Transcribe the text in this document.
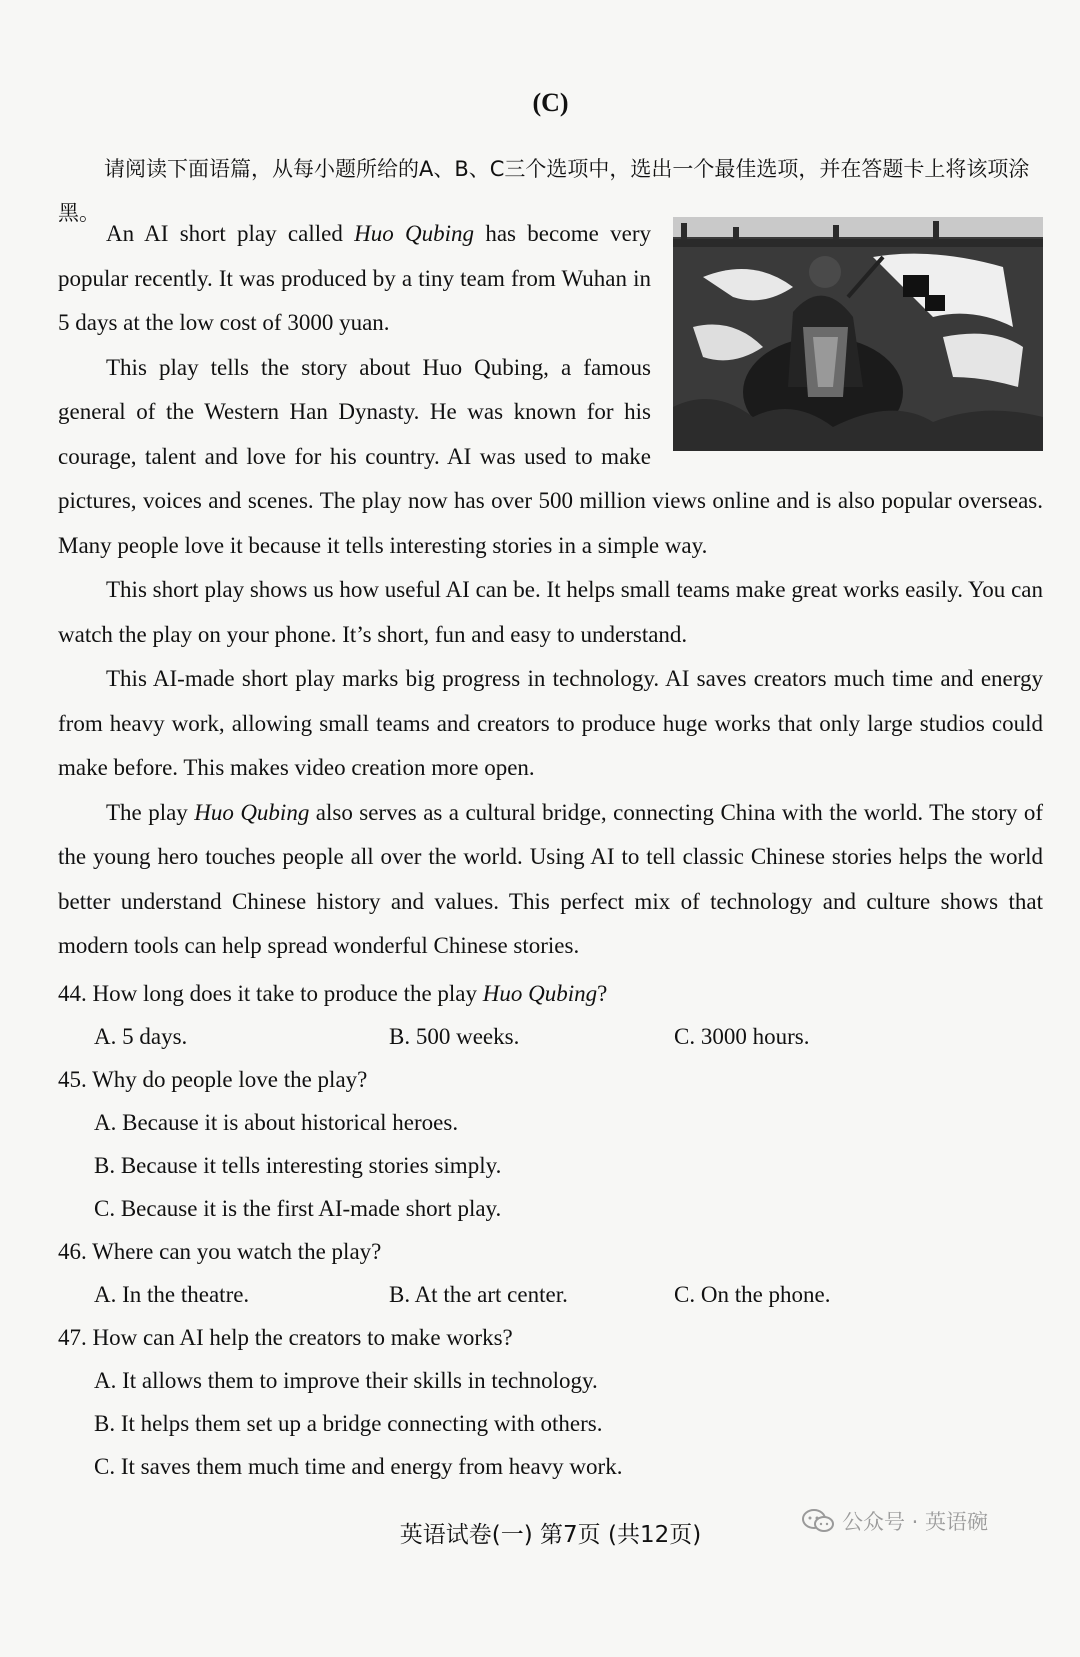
(C)

请阅读下面语篇，从每小题所给的A、B、C三个选项中，选出一个最佳选项，并在答题卡上将该项涂黑。

An AI short play called Huo Qubing has become very popular recently. It was produced by a tiny team from Wuhan in 5 days at the low cost of 3000 yuan.

This play tells the story about Huo Qubing, a famous general of the Western Han Dynasty. He was known for his courage, talent and love for his country. AI was used to make pictures, voices and scenes. The play now has over 500 million views online and is also popular overseas. Many people love it because it tells interesting stories in a simple way.

This short play shows us how useful AI can be. It helps small teams make great works easily. You can watch the play on your phone. It’s short, fun and easy to understand.

This AI-made short play marks big progress in technology. AI saves creators much time and energy from heavy work, allowing small teams and creators to produce huge works that only large studios could make before. This makes video creation more open.

The play Huo Qubing also serves as a cultural bridge, connecting China with the world. The story of the young hero touches people all over the world. Using AI to tell classic Chinese stories helps the world better understand Chinese history and values. This perfect mix of technology and culture shows that modern tools can help spread wonderful Chinese stories.

44. How long does it take to produce the play Huo Qubing?

A. 5 days.	B. 500 weeks.	C. 3000 hours.

45. Why do people love the play?

A. Because it is about historical heroes.

B. Because it tells interesting stories simply.

C. Because it is the first AI-made short play.

46. Where can you watch the play?

A. In the theatre.	B. At the art center.	C. On the phone.

47. How can AI help the creators to make works?

A. It allows them to improve their skills in technology.

B. It helps them set up a bridge connecting with others.

C. It saves them much time and energy from heavy work.

英语试卷(一) 第7页 (共12页)	公众号 · 英语碗
